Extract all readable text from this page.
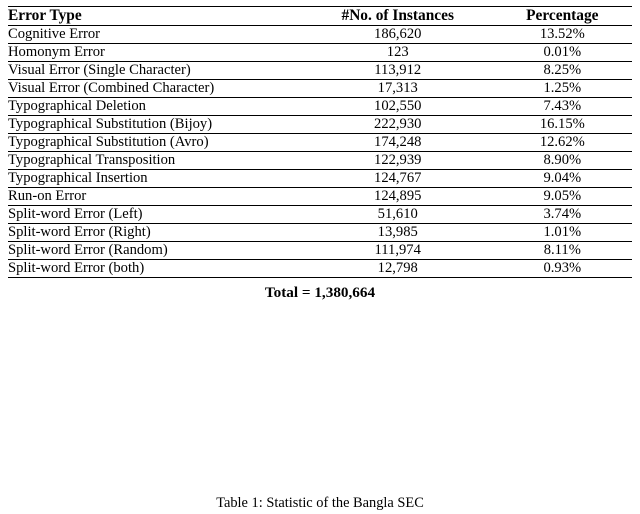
Error Type	#No. of Instances	Percentage
Cognitive Error	186,620	13.52%
Homonym Error	123	0.01%
Visual Error (Single Character)	113,912	8.25%
Visual Error (Combined Character)	17,313	1.25%
Typographical Deletion	102,550	7.43%
Typographical Substitution (Bijoy)	222,930	16.15%
Typographical Substitution (Avro)	174,248	12.62%
Typographical Transposition	122,939	8.90%
Typographical Insertion	124,767	9.04%
Run-on Error	124,895	9.05%
Split-word Error (Left)	51,610	3.74%
Split-word Error (Right)	13,985	1.01%
Split-word Error (Random)	111,974	8.11%
Split-word Error (both)	12,798	0.93%
Total = 1,380,664		
Table 1: Statistic of the Bangla SEC
